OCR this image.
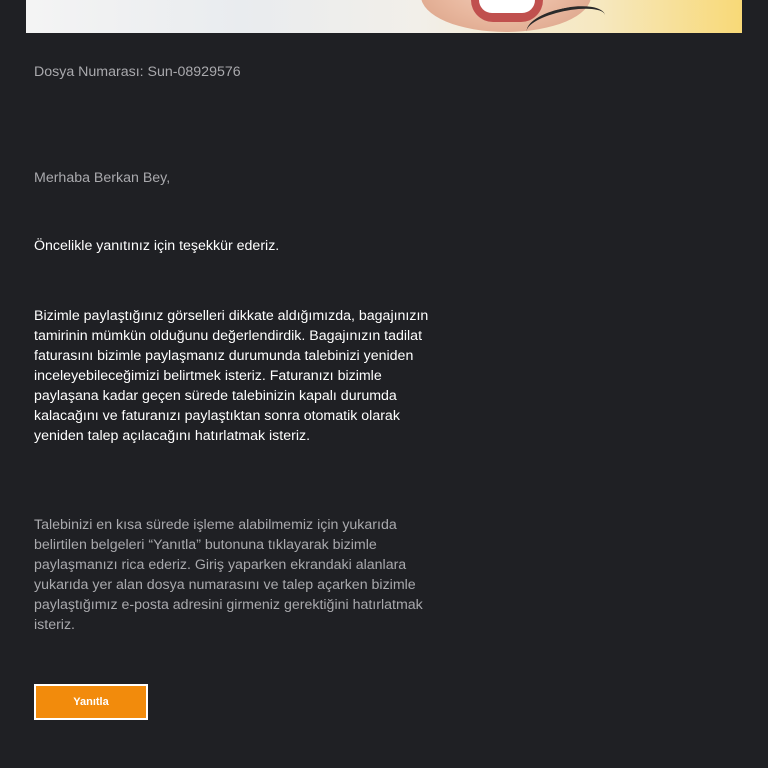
Dosya Numarası: Sun-08929576

Merhaba Berkan Bey,

Öncelikle yanıtınız için teşekkür ederiz.

Bizimle paylaştığınız görselleri dikkate aldığımızda, bagajınızın tamirinin mümkün olduğunu değerlendirdik. Bagajınızın tadilat faturasını bizimle paylaşmanız durumunda talebinizi yeniden inceleyebileceğimizi belirtmek isteriz. Faturanızı bizimle paylaşana kadar geçen sürede talebinizin kapalı durumda kalacağını ve faturanızı paylaştıktan sonra otomatik olarak yeniden talep açılacağını hatırlatmak isteriz.

Talebinizi en kısa sürede işleme alabilmemiz için yukarıda belirtilen belgeleri “Yanıtla” butonuna tıklayarak bizimle paylaşmanızı rica ederiz. Giriş yaparken ekrandaki alanlara yukarıda yer alan dosya numarasını ve talep açarken bizimle paylaştığımız e-posta adresini girmeniz gerektiğini hatırlatmak isteriz.

Yanıtla
